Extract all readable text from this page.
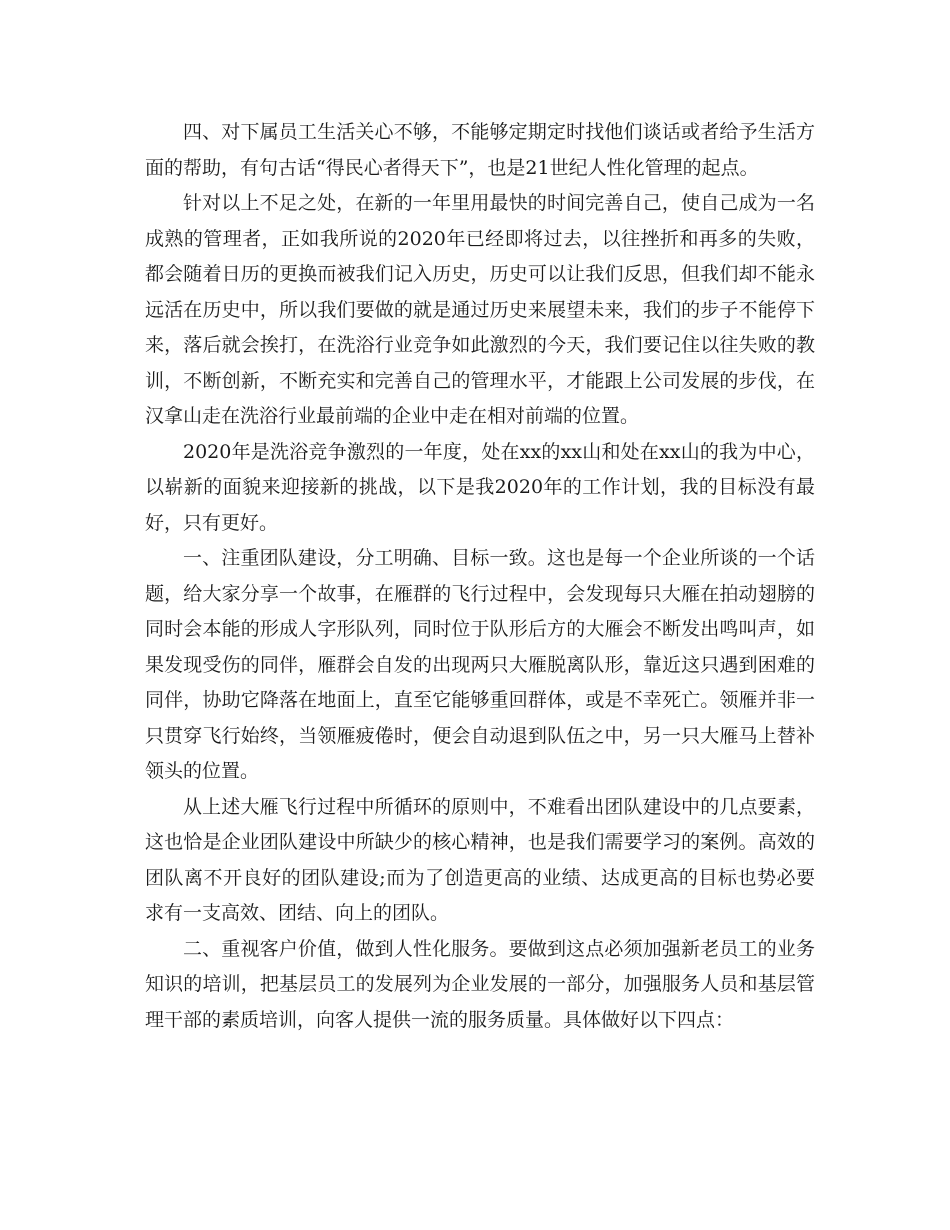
四、对下属员工生活关心不够，不能够定期定时找他们谈话或者给予生活方面的帮助，有句古话“得民心者得天下”，也是21世纪人性化管理的起点。

针对以上不足之处，在新的一年里用最快的时间完善自己，使自己成为一名成熟的管理者，正如我所说的2020年已经即将过去，以往挫折和再多的失败，都会随着日历的更换而被我们记入历史，历史可以让我们反思，但我们却不能永远活在历史中，所以我们要做的就是通过历史来展望未来，我们的步子不能停下来，落后就会挨打，在洗浴行业竞争如此激烈的今天，我们要记住以往失败的教训，不断创新，不断充实和完善自己的管理水平，才能跟上公司发展的步伐，在汉拿山走在洗浴行业最前端的企业中走在相对前端的位置。

2020年是洗浴竞争激烈的一年度，处在xx的xx山和处在xx山的我为中心，以崭新的面貌来迎接新的挑战，以下是我2020年的工作计划，我的目标没有最好，只有更好。

一、注重团队建设，分工明确、目标一致。这也是每一个企业所谈的一个话题，给大家分享一个故事，在雁群的飞行过程中，会发现每只大雁在拍动翅膀的同时会本能的形成人字形队列，同时位于队形后方的大雁会不断发出鸣叫声，如果发现受伤的同伴，雁群会自发的出现两只大雁脱离队形，靠近这只遇到困难的同伴，协助它降落在地面上，直至它能够重回群体，或是不幸死亡。领雁并非一只贯穿飞行始终，当领雁疲倦时，便会自动退到队伍之中，另一只大雁马上替补领头的位置。

从上述大雁飞行过程中所循环的原则中，不难看出团队建设中的几点要素，这也恰是企业团队建设中所缺少的核心精神，也是我们需要学习的案例。高效的团队离不开良好的团队建设;而为了创造更高的业绩、达成更高的目标也势必要求有一支高效、团结、向上的团队。

二、重视客户价值，做到人性化服务。要做到这点必须加强新老员工的业务知识的培训，把基层员工的发展列为企业发展的一部分，加强服务人员和基层管理干部的素质培训，向客人提供一流的服务质量。具体做好以下四点：
